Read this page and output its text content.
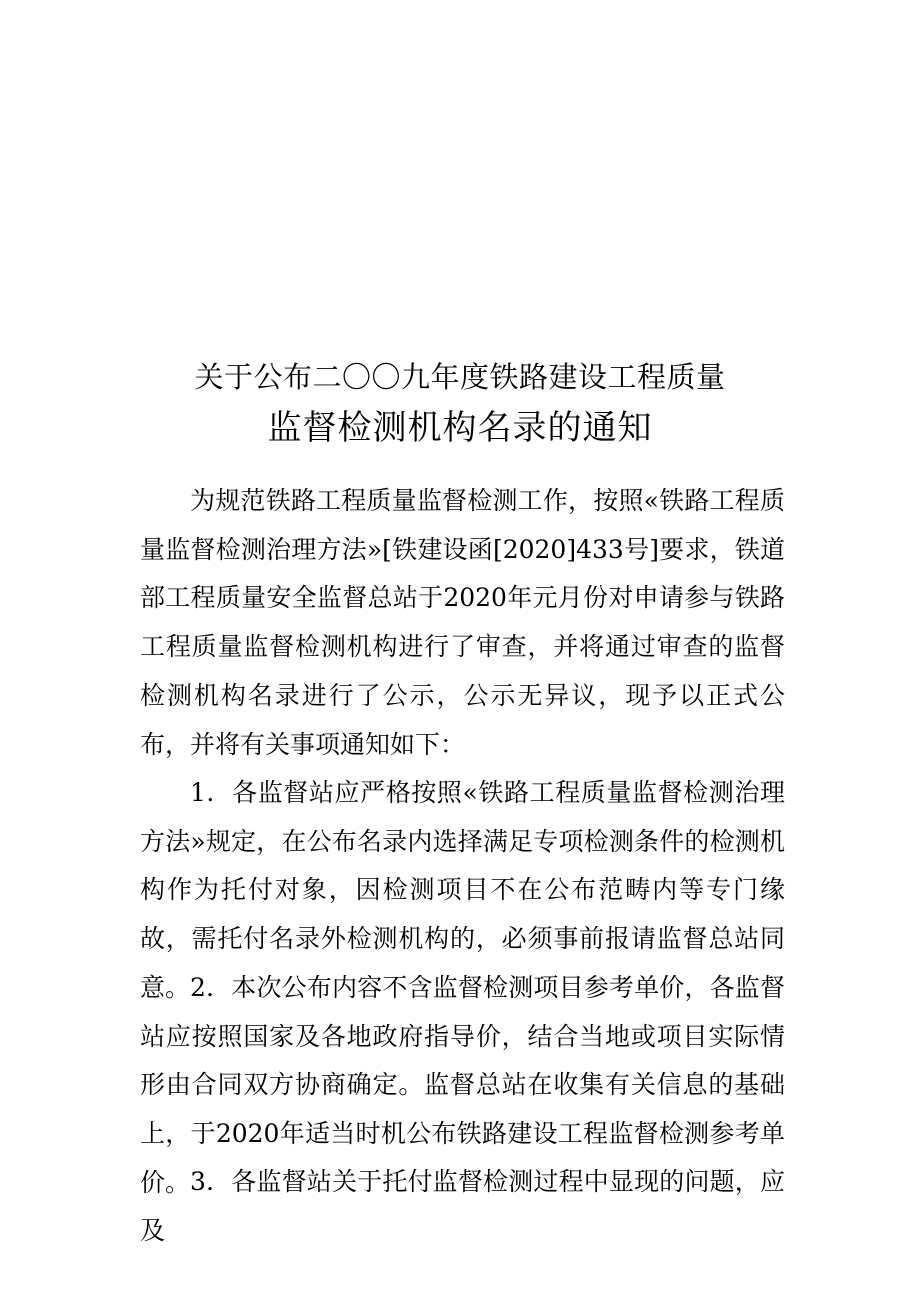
关于公布二〇〇九年度铁路建设工程质量
监督检测机构名录的通知

为规范铁路工程质量监督检测工作，按照«铁路工程质量监督检测治理方法»[铁建设函[2020]433号]要求，铁道部工程质量安全监督总站于2020年元月份对申请参与铁路工程质量监督检测机构进行了审查，并将通过审查的监督检测机构名录进行了公示，公示无异议，现予以正式公布，并将有关事项通知如下：

1．各监督站应严格按照«铁路工程质量监督检测治理方法»规定，在公布名录内选择满足专项检测条件的检测机构作为托付对象，因检测项目不在公布范畴内等专门缘故，需托付名录外检测机构的，必须事前报请监督总站同意。 2．本次公布内容不含监督检测项目参考单价，各监督站应按照国家及各地政府指导价，结合当地或项目实际情形由合同双方协商确定。监督总站在收集有关信息的基础上，于2020年适当时机公布铁路建设工程监督检测参考单价。 3．各监督站关于托付监督检测过程中显现的问题，应及
